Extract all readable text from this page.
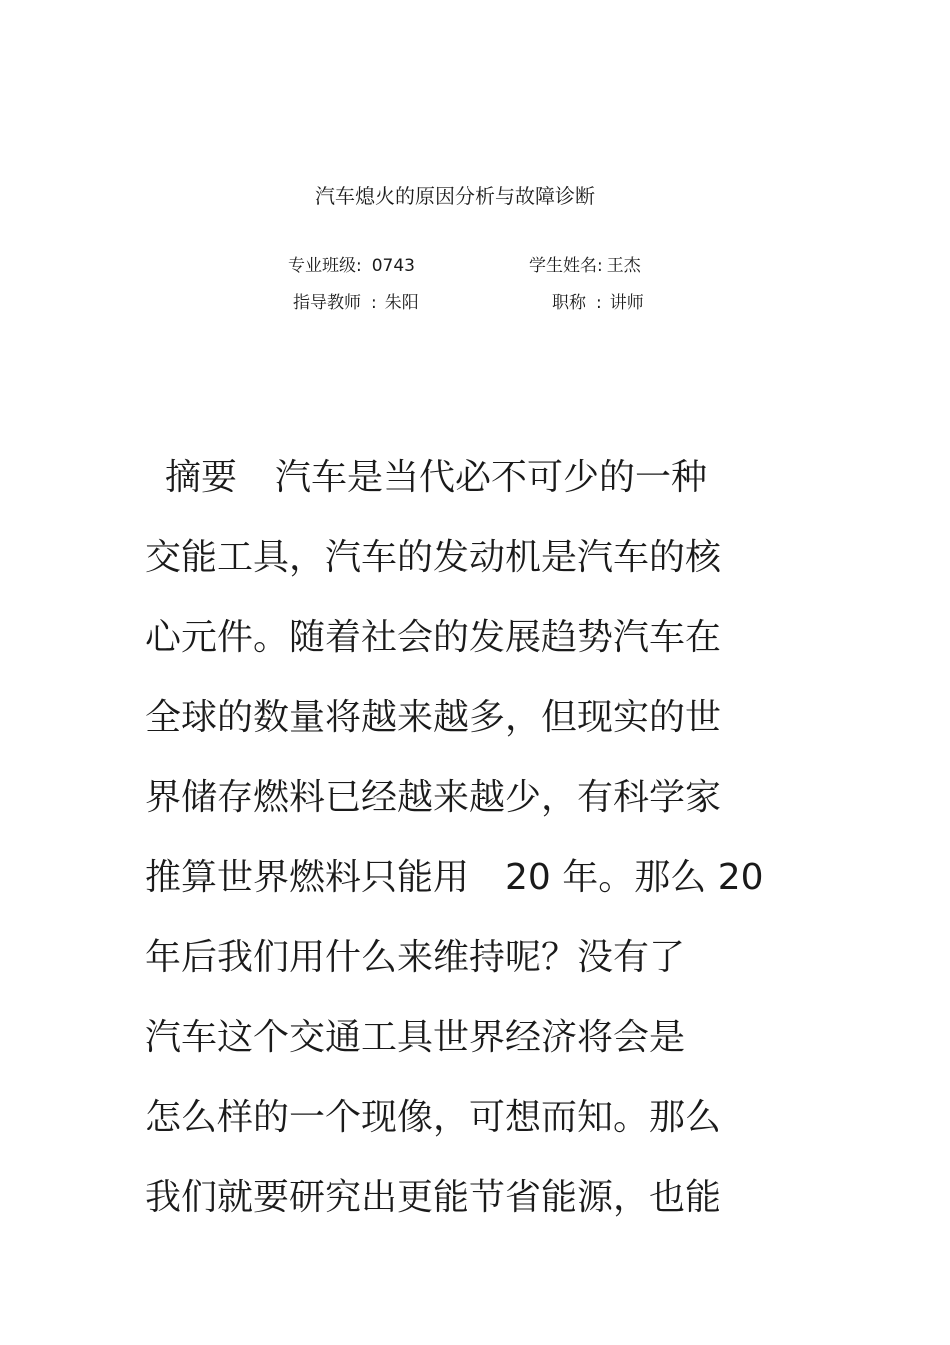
汽车熄火的原因分析与故障诊断
专业班级: 0743	学生姓名: 王杰
指导教师 : 朱阳	职称 : 讲师
摘要 汽车是当代必不可少的一种
交能工具，汽车的发动机是汽车的核
心元件。随着社会的发展趋势汽车在
全球的数量将越来越多，但现实的世
界储存燃料已经越来越少，有科学家
推算世界燃料只能用　20 年。那么 20
年后我们用什么来维持呢？没有了
汽车这个交通工具世界经济将会是
怎么样的一个现像，可想而知。那么
我们就要研究出更能节省能源，也能
